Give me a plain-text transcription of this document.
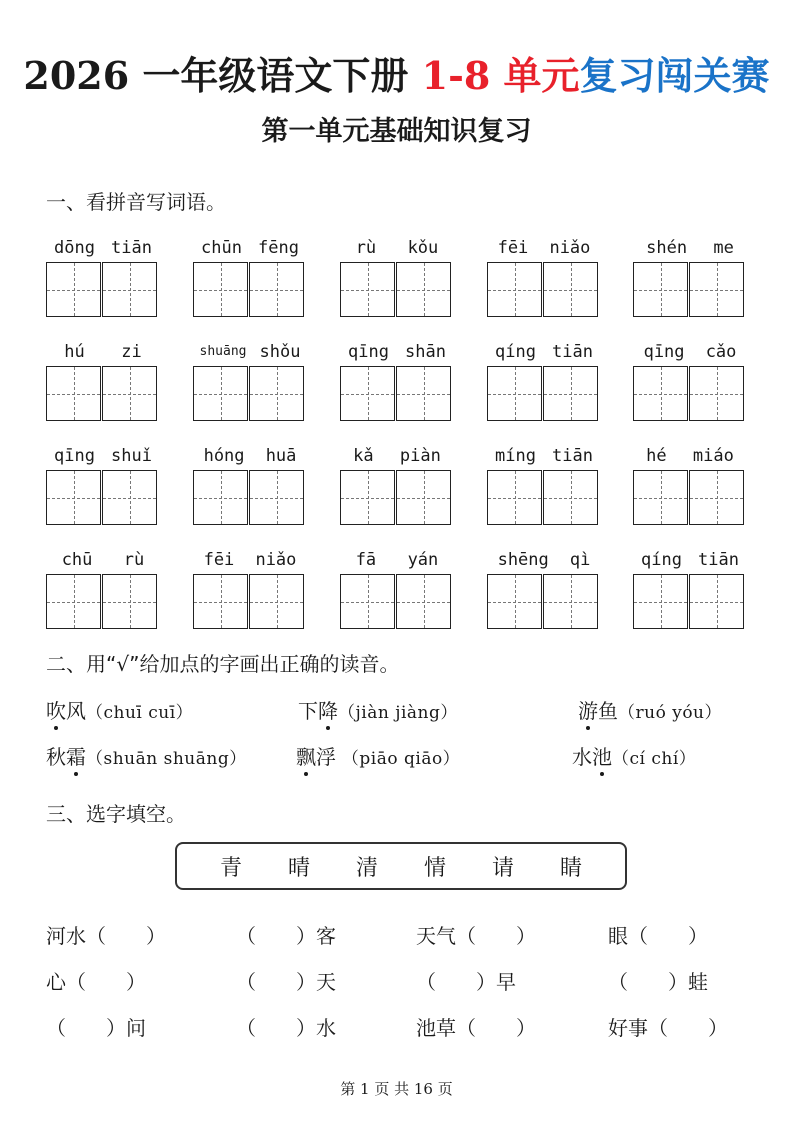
2026 一年级语文下册 1-8 单元复习闯关赛
第一单元基础知识复习
一、看拼音写词语。
dōng tiān	chūn fēng	rù kǒu	fēi niǎo	shén me
hú zi	shuāng shǒu	qīng shān	qíng tiān	qīng cǎo
qīng shuǐ	hóng huā	kǎ piàn	míng tiān	hé miáo
chū rù	fēi niǎo	fā yán	shēng qì	qíng tiān
二、用“√”给加点的字画出正确的读音。
吹风（chuī cuī）	下降（jiàn jiàng）	游鱼（ruó yóu）
秋霜（shuān shuāng） 飘浮 （piāo qiāo）	水池（cí chí）
三、选字填空。
青 晴 清 情 请 睛
河水（　　）	（　　）客	天气（　　）	眼（　　）
心（　　）	（　　）天	（　　）早	（　　）蛙
（　　）问	（　　）水	池草（　　）	好事（　　）
第 1 页 共 16 页
